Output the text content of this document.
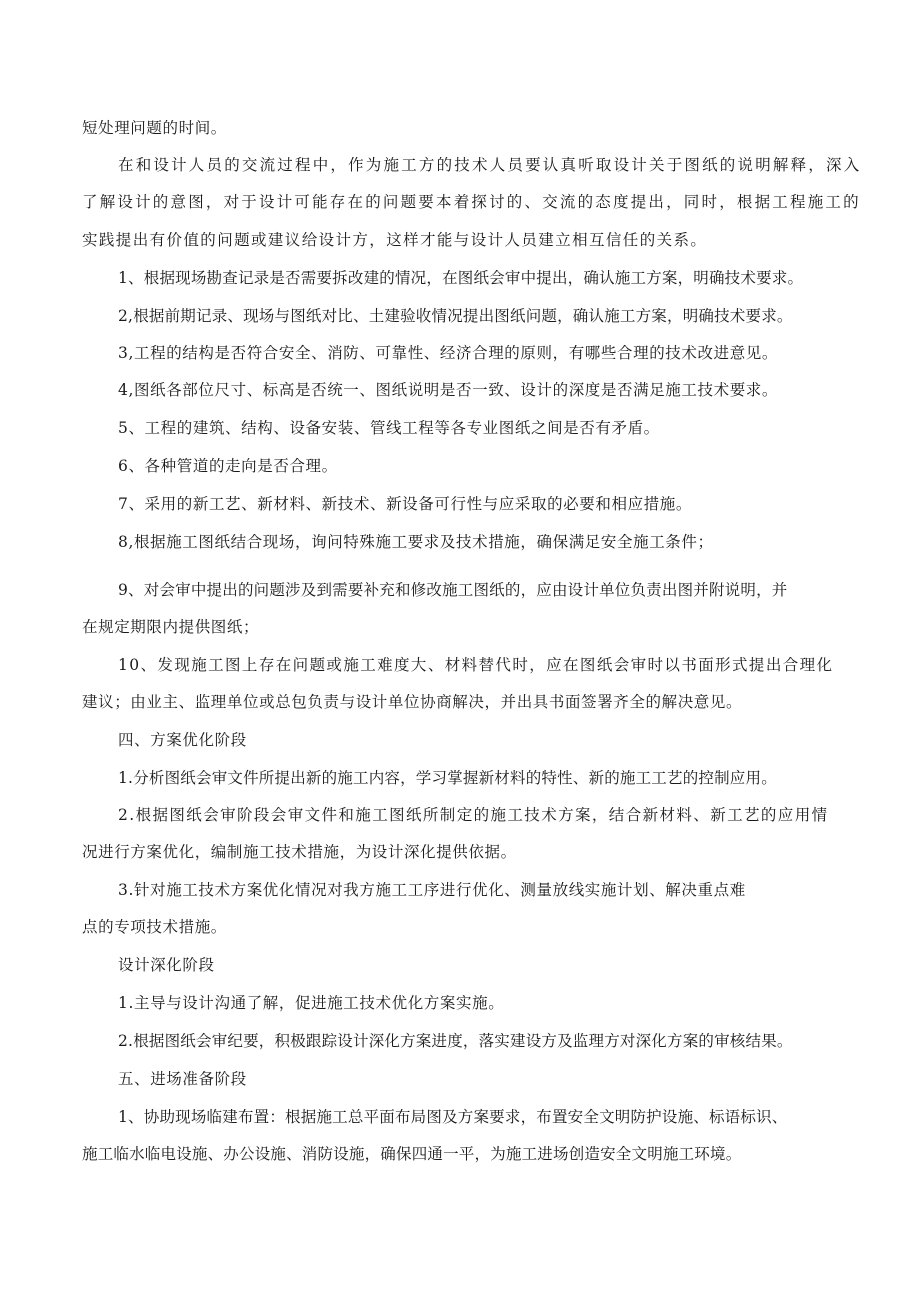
短处理问题的时间。
在和设计人员的交流过程中，作为施工方的技术人员要认真听取设计关于图纸的说明解释，深入
了解设计的意图，对于设计可能存在的问题要本着探讨的、交流的态度提出，同时，根据工程施工的
实践提出有价值的问题或建议给设计方，这样才能与设计人员建立相互信任的关系。
1、根据现场勘查记录是否需要拆改建的情况，在图纸会审中提出，确认施工方案，明确技术要求。
2,根据前期记录、现场与图纸对比、土建验收情况提出图纸问题，确认施工方案，明确技术要求。
3,工程的结构是否符合安全、消防、可靠性、经济合理的原则，有哪些合理的技术改进意见。
4,图纸各部位尺寸、标高是否统一、图纸说明是否一致、设计的深度是否满足施工技术要求。
5、工程的建筑、结构、设备安装、管线工程等各专业图纸之间是否有矛盾。
6、各种管道的走向是否合理。
7、采用的新工艺、新材料、新技术、新设备可行性与应采取的必要和相应措施。
8,根据施工图纸结合现场，询问特殊施工要求及技术措施，确保满足安全施工条件；
9、对会审中提出的问题涉及到需要补充和修改施工图纸的，应由设计单位负责出图并附说明，并
在规定期限内提供图纸；
10、发现施工图上存在问题或施工难度大、材料替代时，应在图纸会审时以书面形式提出合理化
建议；由业主、监理单位或总包负责与设计单位协商解决，并出具书面签署齐全的解决意见。
四、方案优化阶段
1.分析图纸会审文件所提出新的施工内容，学习掌握新材料的特性、新的施工工艺的控制应用。
2.根据图纸会审阶段会审文件和施工图纸所制定的施工技术方案，结合新材料、新工艺的应用情
况进行方案优化，编制施工技术措施，为设计深化提供依据。
3.针对施工技术方案优化情况对我方施工工序进行优化、测量放线实施计划、解决重点难
点的专项技术措施。
设计深化阶段
1.主导与设计沟通了解，促进施工技术优化方案实施。
2.根据图纸会审纪要，积极跟踪设计深化方案进度，落实建设方及监理方对深化方案的审核结果。
五、进场准备阶段
1、协助现场临建布置：根据施工总平面布局图及方案要求，布置安全文明防护设施、标语标识、
施工临水临电设施、办公设施、消防设施，确保四通一平，为施工进场创造安全文明施工环境。
